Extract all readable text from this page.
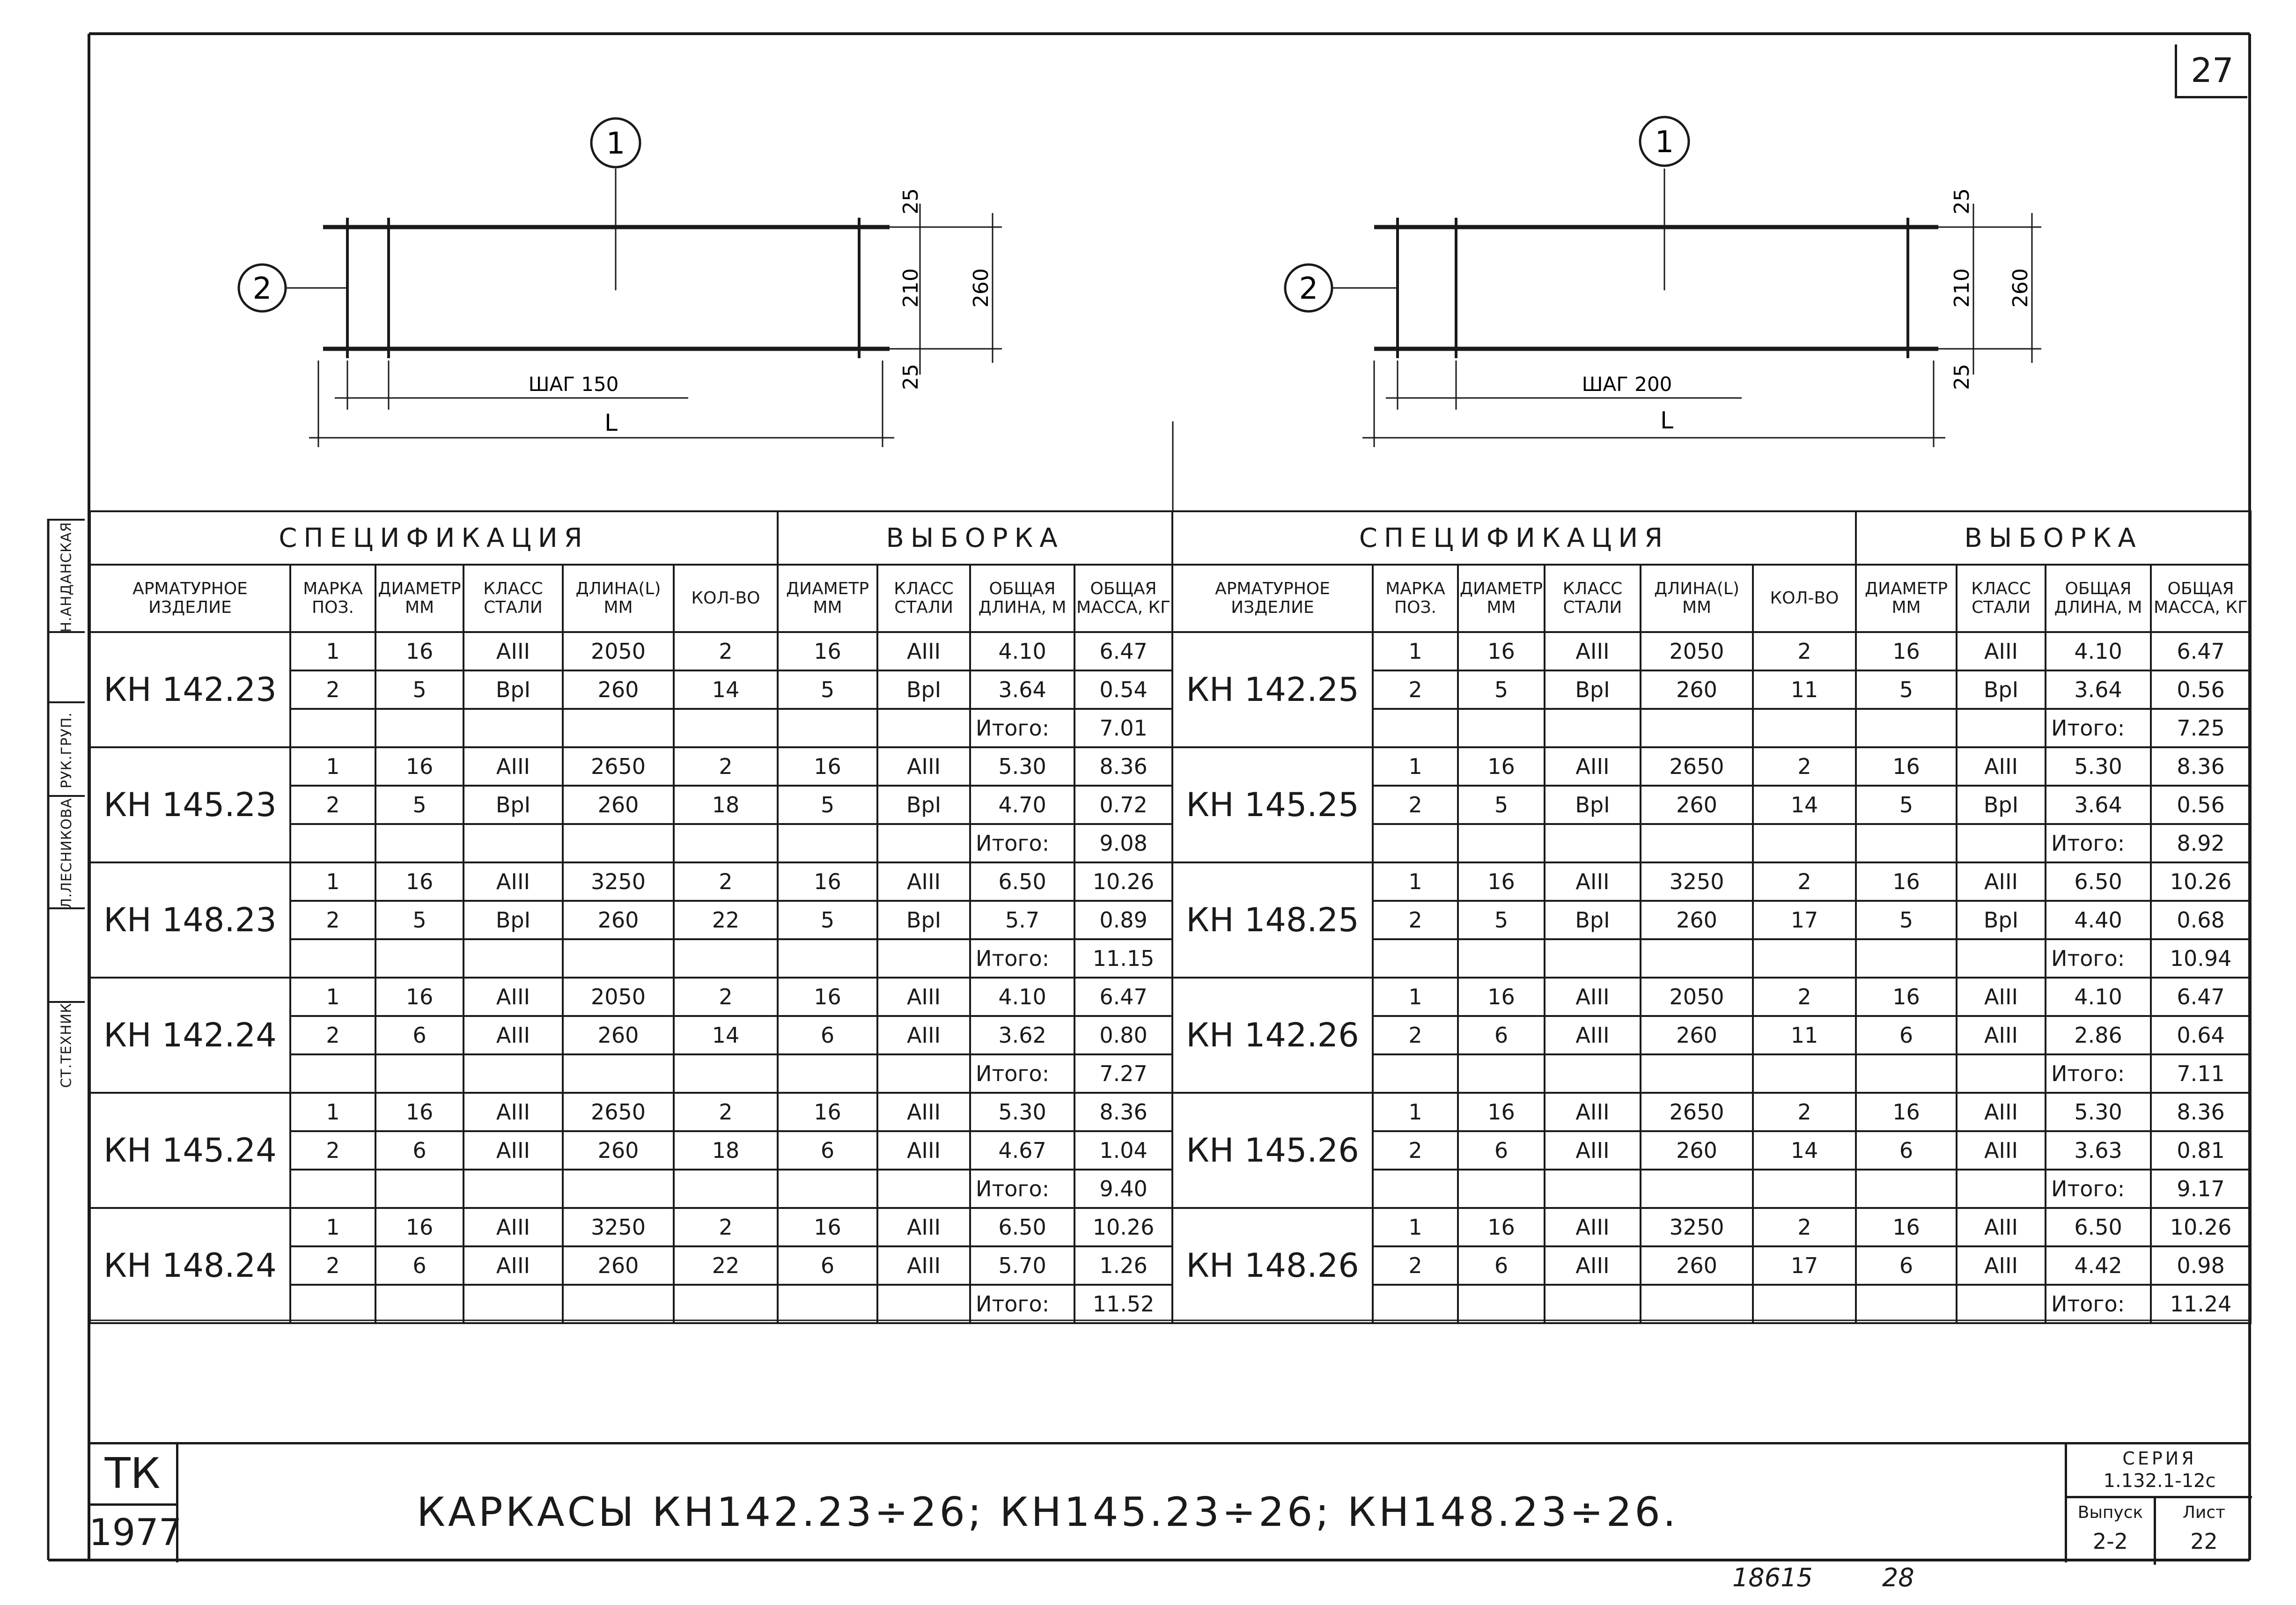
27
1
2
25
210 260
25
ШАГ 150
L
1
2
25
210 260
25
ШАГ 200
L
Н.АНДАНСКАЯ
РУК.ГРУП.
Л.ЛЕСНИКОВА
СТ.ТЕХНИК
СПЕЦИФИКАЦИЯ						ВЫБОРКА			
АРМАТУРНОЕ ИЗДЕЛИЕ	МАРКА ПОЗ.	ДИАМЕТР ММ	КЛАСС СТАЛИ	ДЛИНА(L) ММ	КОЛ-ВО	ДИАМЕТР ММ	КЛАСС СТАЛИ	ОБЩАЯ ДЛИНА, М	ОБЩАЯ МАССА, КГ
КН 142.23	1	16	АIII	2050	2	16	АIII	4.10	6.47
	2	5	BpI	260	14	5	BpI	3.64	0.54
								Итого:	7.01
КН 145.23	1	16	АIII	2650	2	16	АIII	5.30	8.36
	2	5	BpI	260	18	5	BpI	4.70	0.72
								Итого:	9.08
КН 148.23	1	16	АIII	3250	2	16	АIII	6.50	10.26
	2	5	BpI	260	22	5	BpI	5.7	0.89
								Итого:	11.15
КН 142.24	1	16	АIII	2050	2	16	АIII	4.10	6.47
	2	6	АIII	260	14	6	АIII	3.62	0.80
								Итого:	7.27
КН 145.24	1	16	АIII	2650	2	16	АIII	5.30	8.36
	2	6	АIII	260	18	6	АIII	4.67	1.04
								Итого:	9.40
КН 148.24	1	16	АIII	3250	2	16	АIII	6.50	10.26
	2	6	АIII	260	22	6	АIII	5.70	1.26
								Итого:	11.52
СПЕЦИФИКАЦИЯ						ВЫБОРКА			
АРМАТУРНОЕ ИЗДЕЛИЕ	МАРКА ПОЗ.	ДИАМЕТР ММ	КЛАСС СТАЛИ	ДЛИНА(L) ММ	КОЛ-ВО	ДИАМЕТР ММ	КЛАСС СТАЛИ	ОБЩАЯ ДЛИНА, М	ОБЩАЯ МАССА, КГ
КН 142.25	1	16	АIII	2050	2	16	АIII	4.10	6.47
	2	5	BpI	260	11	5	BpI	3.64	0.56
								Итого:	7.25
КН 145.25	1	16	АIII	2650	2	16	АIII	5.30	8.36
	2	5	BpI	260	14	5	BpI	3.64	0.56
								Итого:	8.92
КН 148.25	1	16	АIII	3250	2	16	АIII	6.50	10.26
	2	5	BpI	260	17	5	BpI	4.40	0.68
								Итого:	10.94
КН 142.26	1	16	АIII	2050	2	16	АIII	4.10	6.47
	2	6	АIII	260	11	6	АIII	2.86	0.64
								Итого:	7.11
КН 145.26	1	16	АIII	2650	2	16	АIII	5.30	8.36
	2	6	АIII	260	14	6	АIII	3.63	0.81
								Итого:	9.17
КН 148.26	1	16	АIII	3250	2	16	АIII	6.50	10.26
	2	6	АIII	260	17	6	АIII	4.42	0.98
								Итого:	11.24
ТК
1977	КАРКАСЫ КН142.23÷26; КН145.23÷26; КН148.23÷26.
СЕРИЯ
1.132.1-12с
Выпуск
2-2
Лист
22
18615	28
